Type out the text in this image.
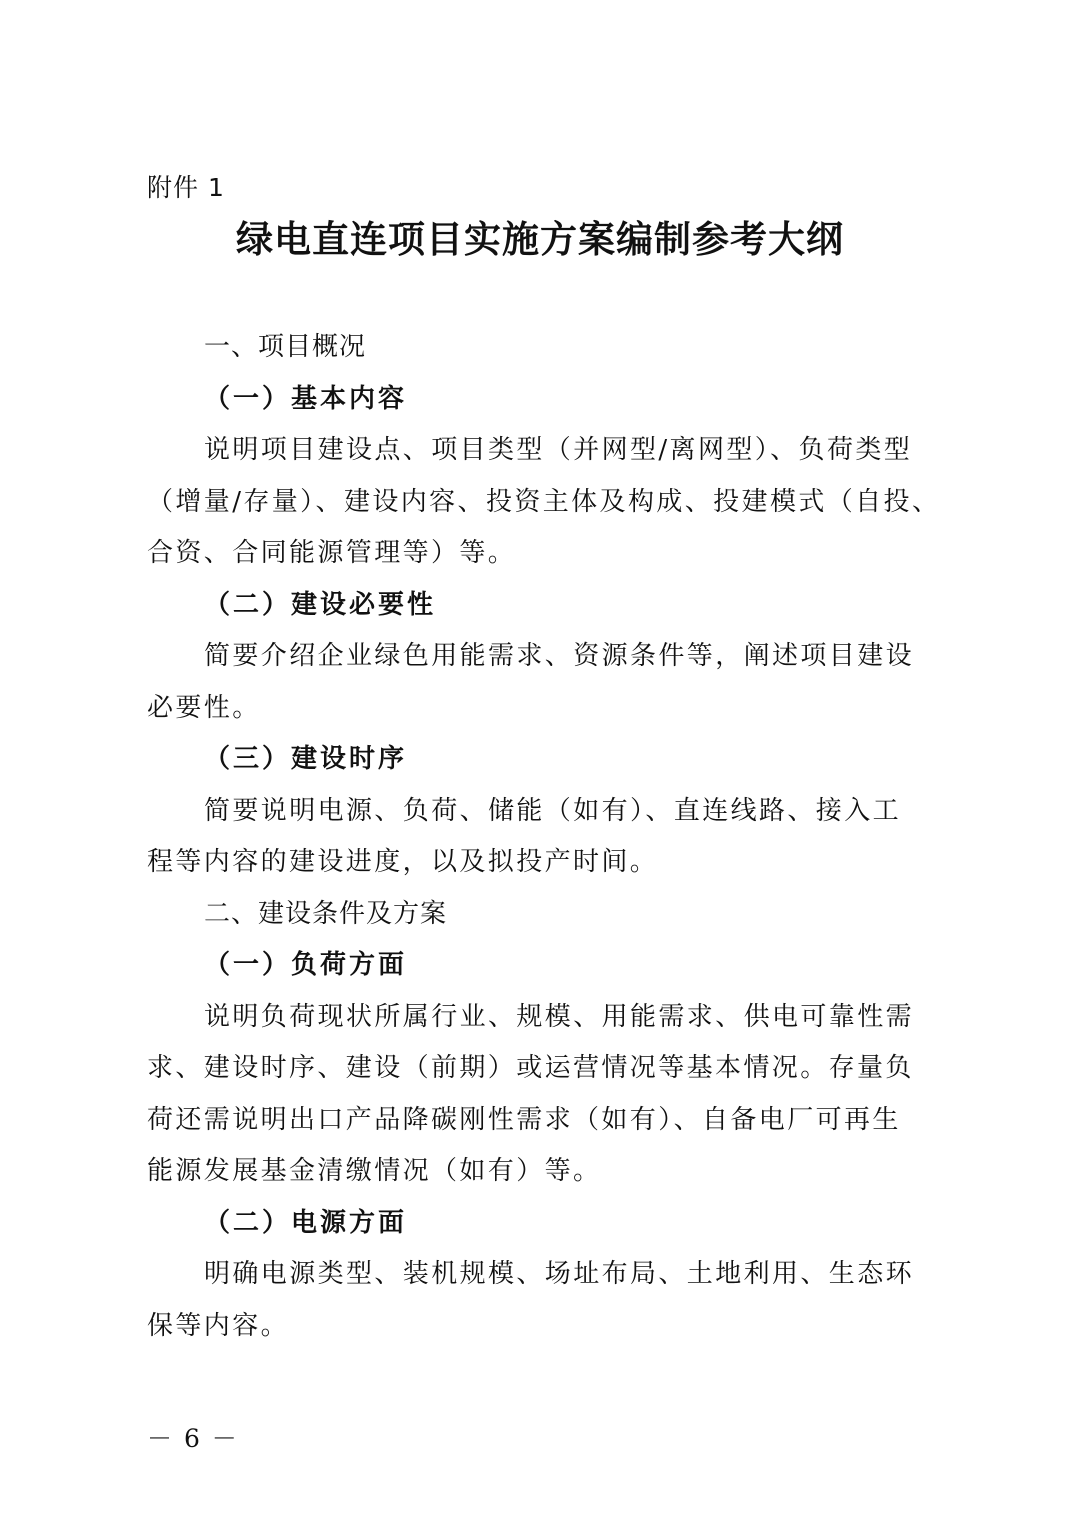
附件 1
绿电直连项目实施方案编制参考大纲
一、项目概况
（一）基本内容
说明项目建设点、项目类型（并网型/离网型）、负荷类型
（增量/存量）、建设内容、投资主体及构成、投建模式（自投、
合资、合同能源管理等）等。
（二）建设必要性
简要介绍企业绿色用能需求、资源条件等，阐述项目建设
必要性。
（三）建设时序
简要说明电源、负荷、储能（如有）、直连线路、接入工
程等内容的建设进度，以及拟投产时间。
二、建设条件及方案
（一）负荷方面
说明负荷现状所属行业、规模、用能需求、供电可靠性需
求、建设时序、建设（前期）或运营情况等基本情况。存量负
荷还需说明出口产品降碳刚性需求（如有）、自备电厂可再生
能源发展基金清缴情况（如有）等。
（二）电源方面
明确电源类型、装机规模、场址布局、土地利用、生态环
保等内容。
－ 6 －
